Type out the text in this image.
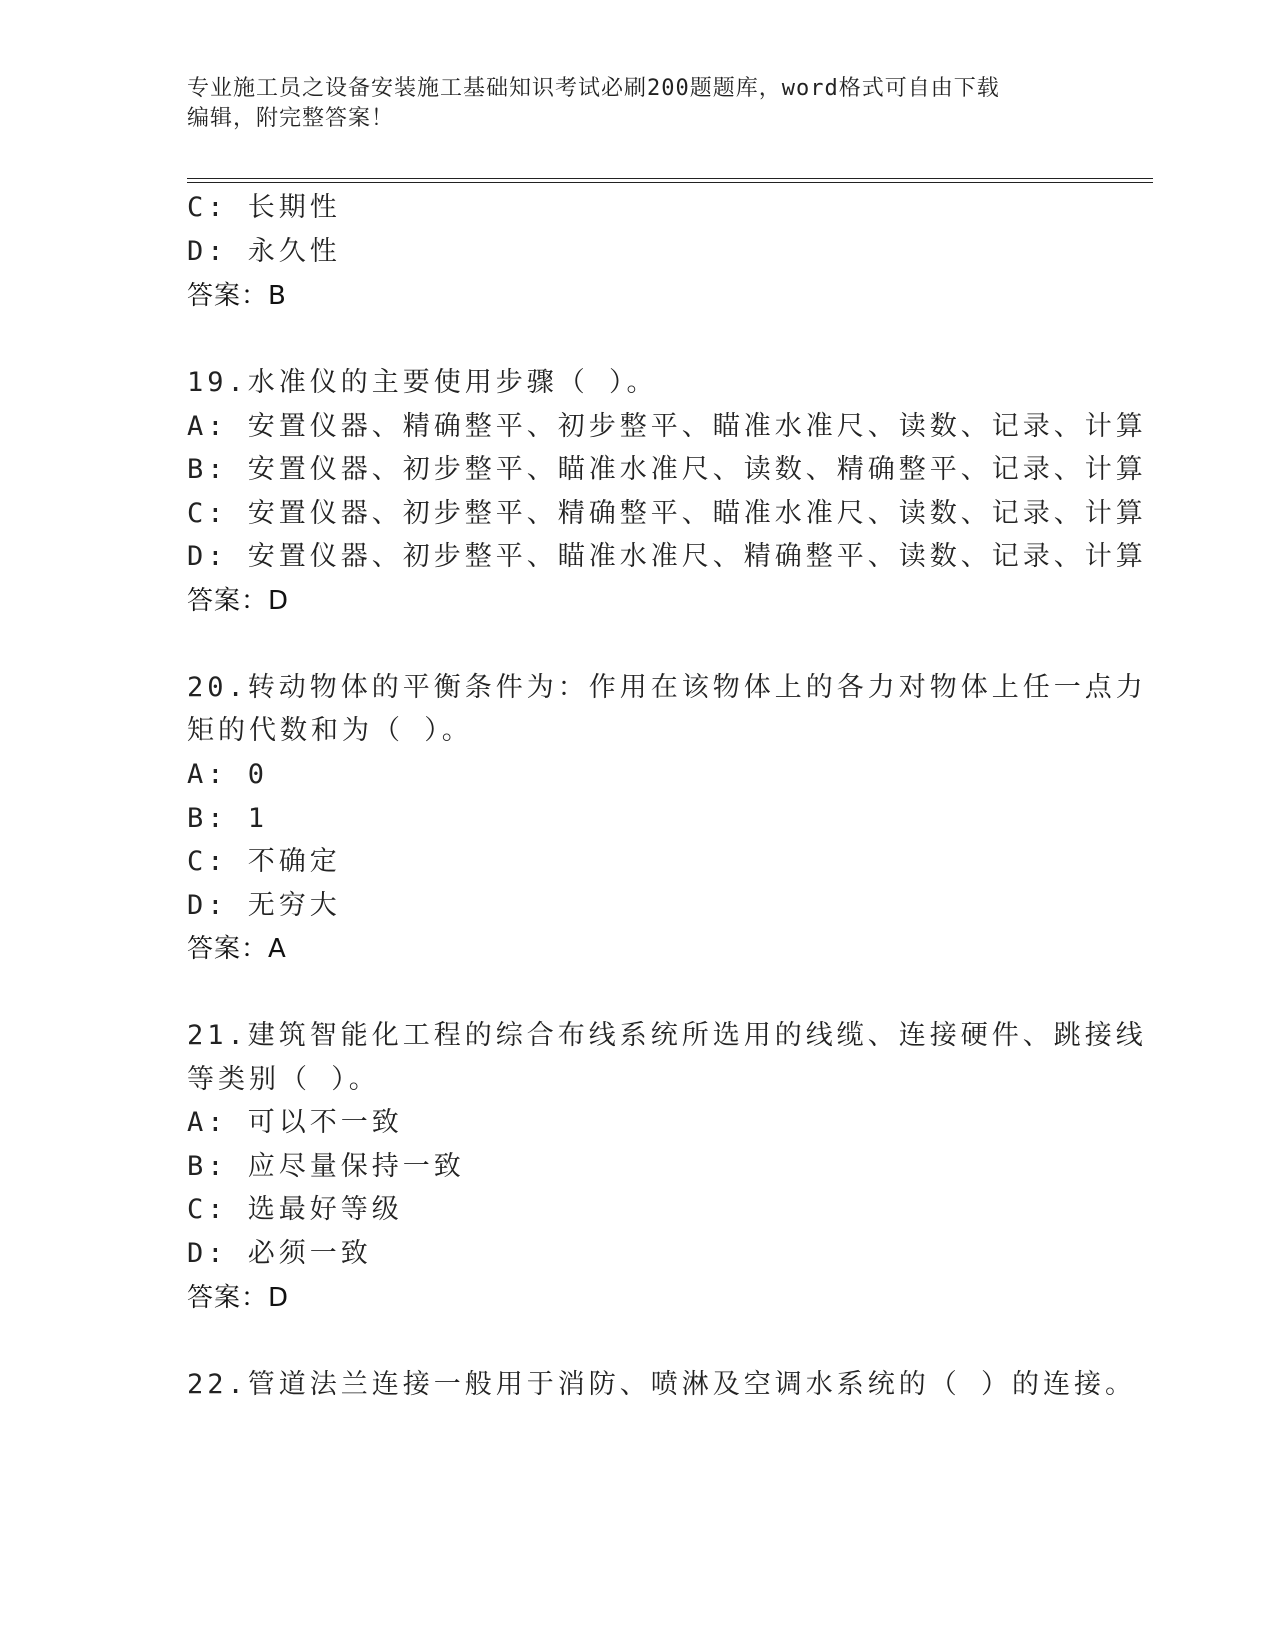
专业施工员之设备安装施工基础知识考试必刷200题题库，word格式可自由下载
编辑，附完整答案！
C: 长期性
D: 永久性
答案：B
19.水准仪的主要使用步骤（ ）。
A: 安置仪器、精确整平、初步整平、瞄准水准尺、读数、记录、计算
B: 安置仪器、初步整平、瞄准水准尺、读数、精确整平、记录、计算
C: 安置仪器、初步整平、精确整平、瞄准水准尺、读数、记录、计算
D: 安置仪器、初步整平、瞄准水准尺、精确整平、读数、记录、计算
答案：D
20.转动物体的平衡条件为：作用在该物体上的各力对物体上任一点力
矩的代数和为（ ）。
A: 0
B: 1
C: 不确定
D: 无穷大
答案：A
21.建筑智能化工程的综合布线系统所选用的线缆、连接硬件、跳接线
等类别（ ）。
A: 可以不一致
B: 应尽量保持一致
C: 选最好等级
D: 必须一致
答案：D
22.管道法兰连接一般用于消防、喷淋及空调水系统的（ ）的连接。
